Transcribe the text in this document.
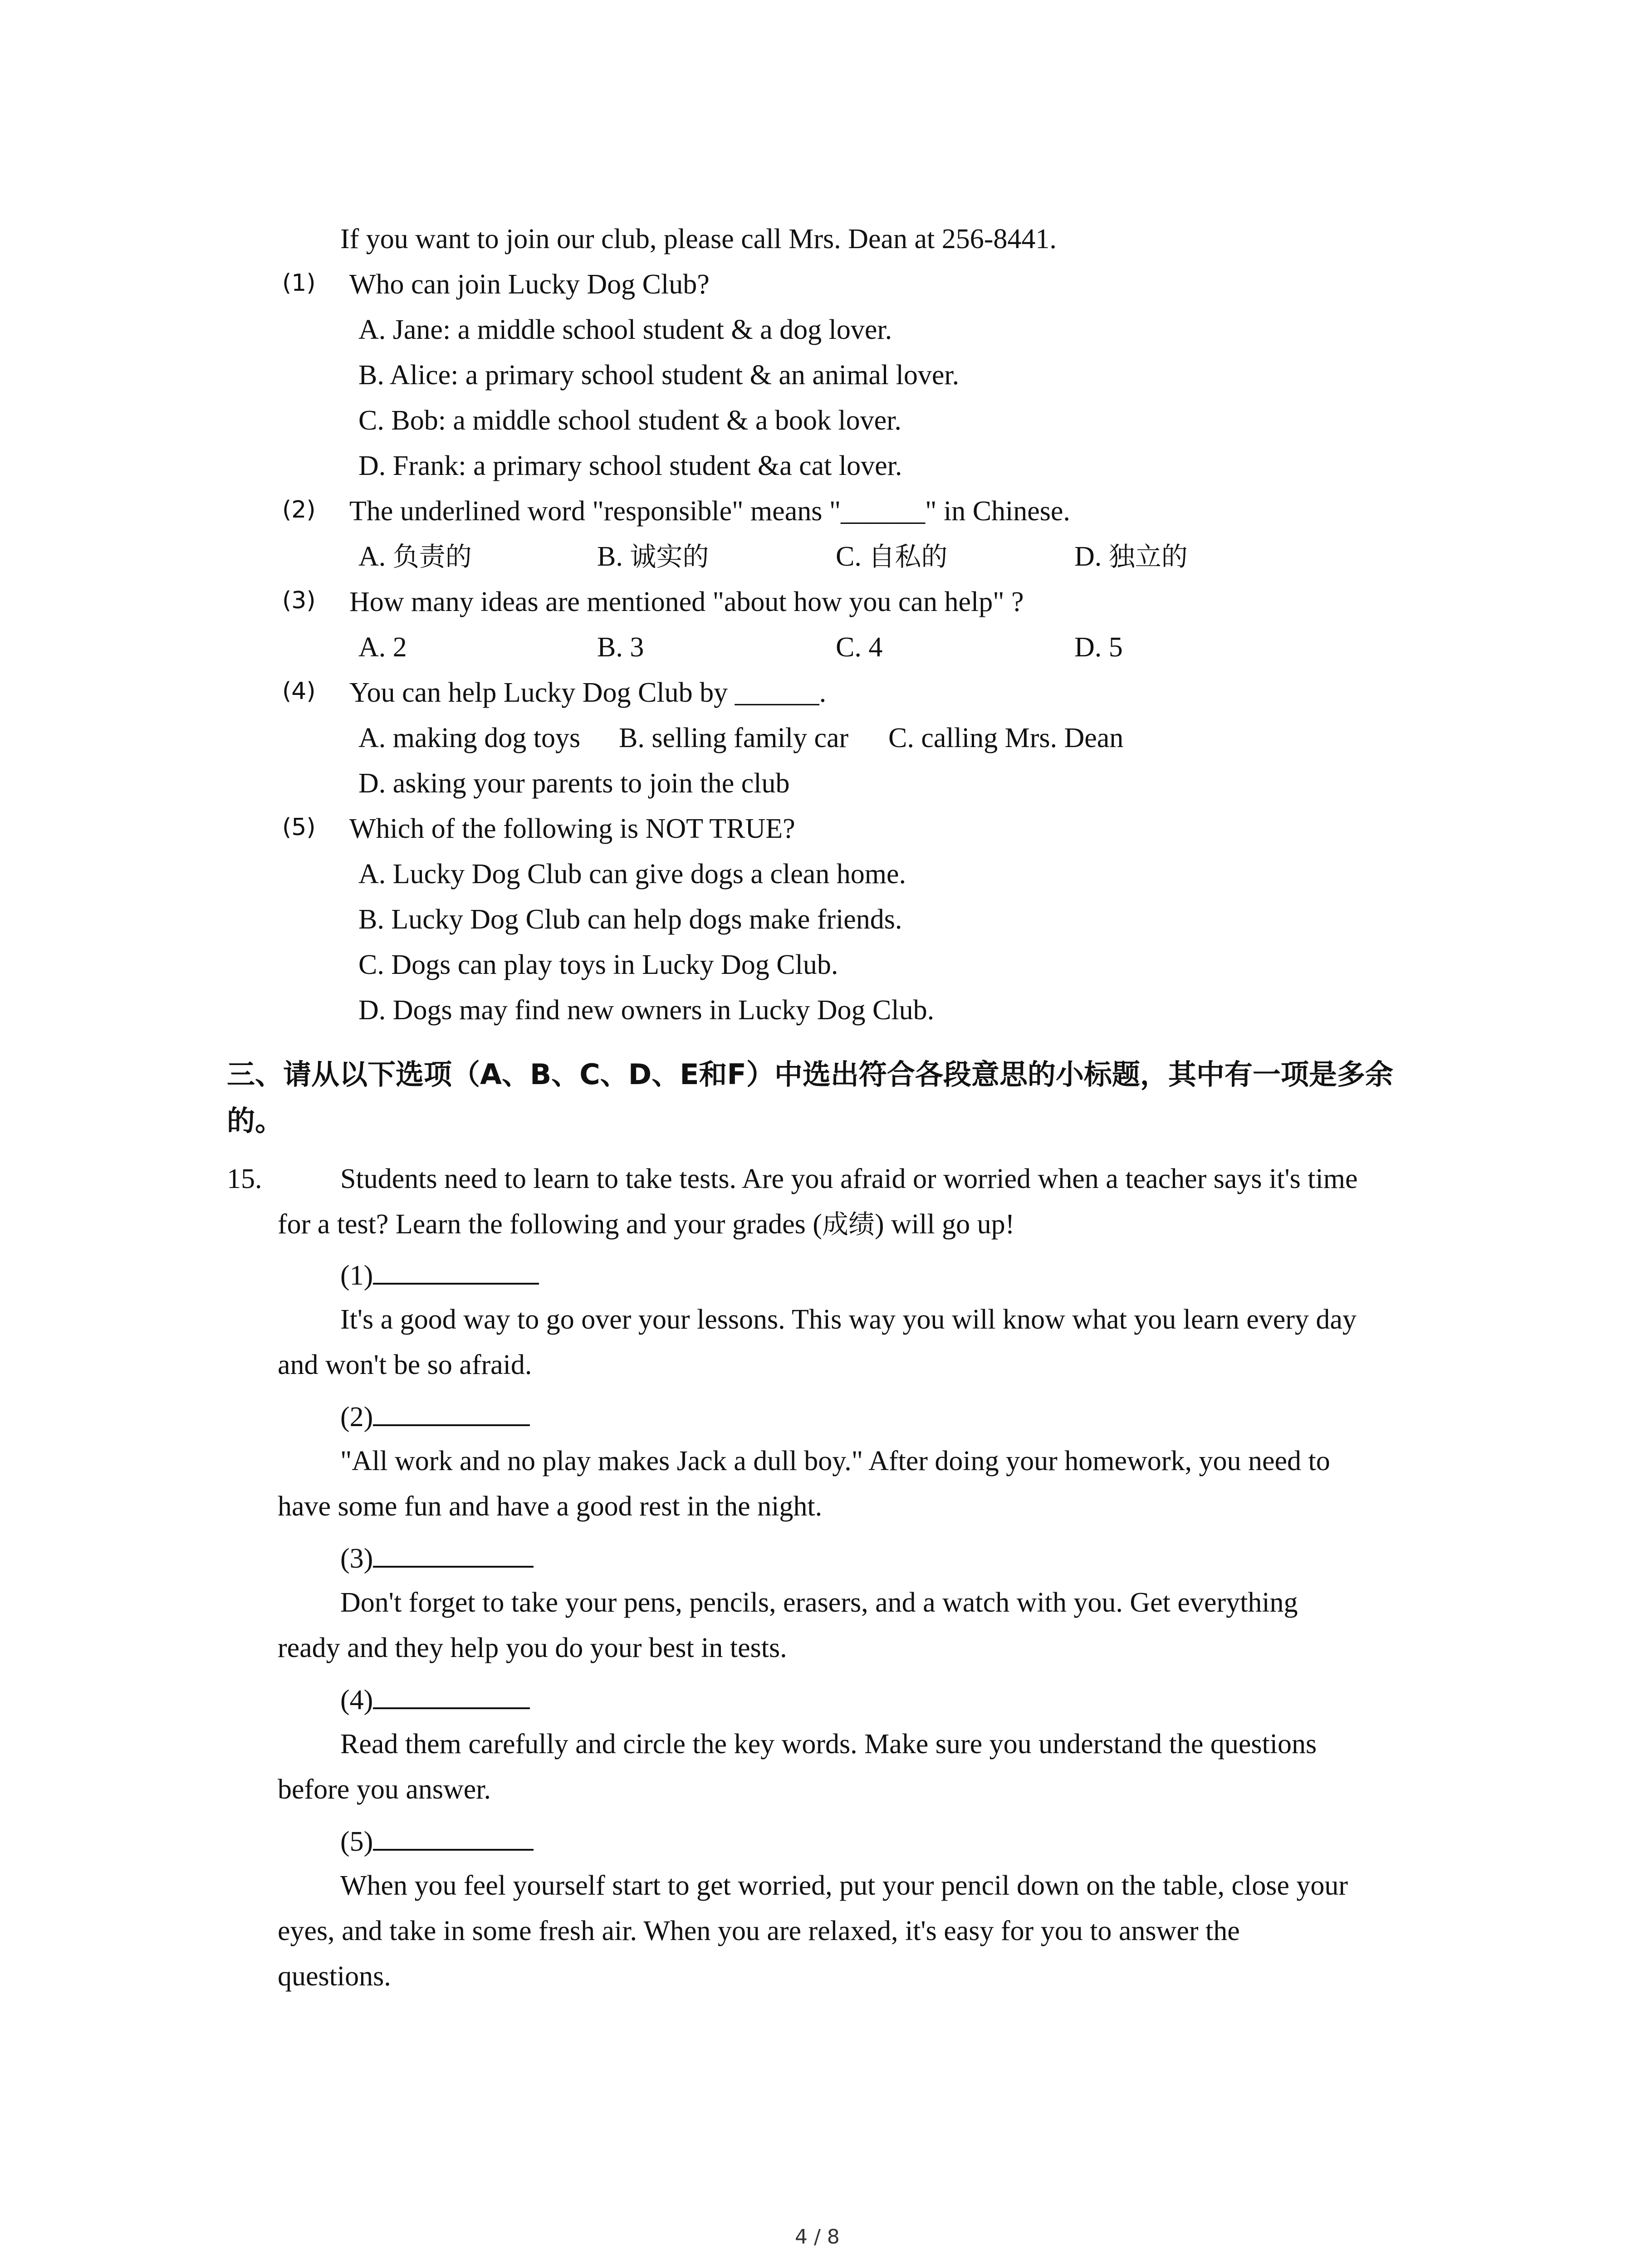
If you want to join our club, please call Mrs. Dean at 256-8441.
(1) Who can join Lucky Dog Club?
A. Jane: a middle school student & a dog lover.
B. Alice: a primary school student & an animal lover.
C. Bob: a middle school student & a book lover.
D. Frank: a primary school student &a cat lover.
(2) The underlined word "responsible" means "______" in Chinese.
A. 负责的	B. 诚实的	C. 自私的	D. 独立的
(3) How many ideas are mentioned "about how you can help" ?
A. 2	B. 3	C. 4	D. 5
(4) You can help Lucky Dog Club by ______.
A. making dog toys B. selling family car C. calling Mrs. Dean
D. asking your parents to join the club
(5) Which of the following is NOT TRUE?
A. Lucky Dog Club can give dogs a clean home.
B. Lucky Dog Club can help dogs make friends.
C. Dogs can play toys in Lucky Dog Club.
D. Dogs may find new owners in Lucky Dog Club.
三、请从以下选项（A、B、C、D、E和F）中选出符合各段意思的小标题，其中有一项是多余
的。
15.	Students need to learn to take tests. Are you afraid or worried when a teacher says it's time
for a test? Learn the following and your grades (成绩) will go up!
(1)
It's a good way to go over your lessons. This way you will know what you learn every day
and won't be so afraid.
(2)
"All work and no play makes Jack a dull boy." After doing your homework, you need to
have some fun and have a good rest in the night.
(3)
Don't forget to take your pens, pencils, erasers, and a watch with you. Get everything
ready and they help you do your best in tests.
(4)
Read them carefully and circle the key words. Make sure you understand the questions
before you answer.
(5)
When you feel yourself start to get worried, put your pencil down on the table, close your
eyes, and take in some fresh air. When you are relaxed, it's easy for you to answer the
questions.
4 / 8
